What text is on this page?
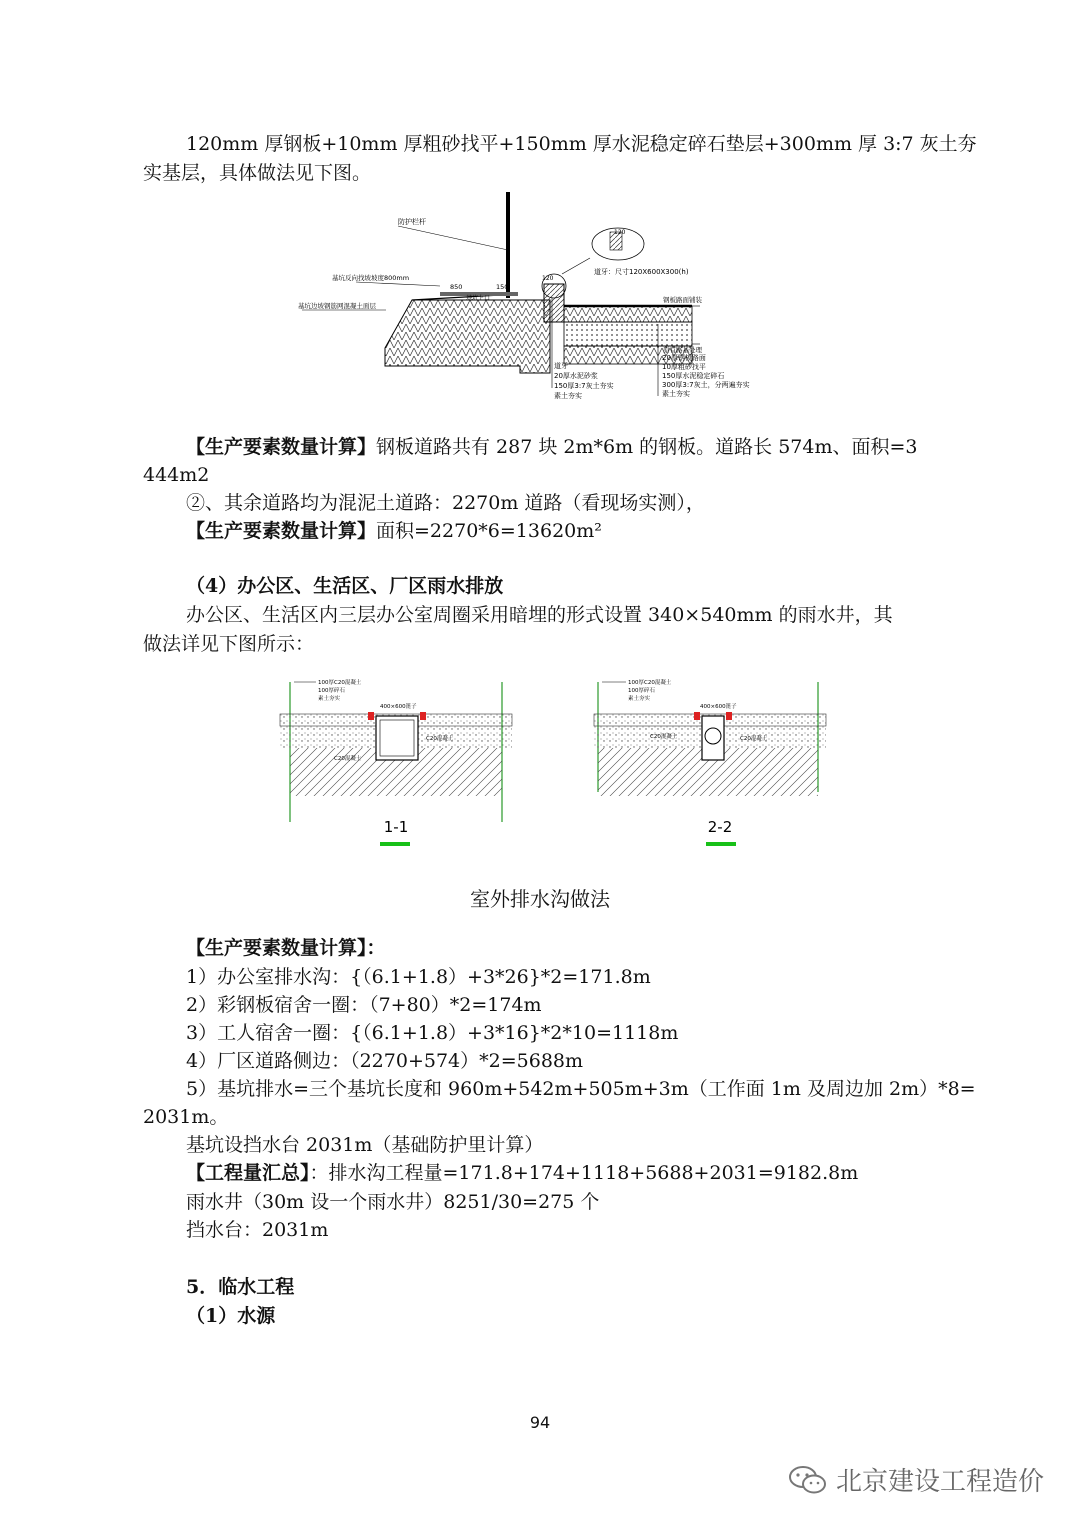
120mm 厚钢板+10mm 厚粗砂找平+150mm 厚水泥稳定碎石垫层+300mm 厚 3:7 灰土夯
实基层，具体做法见下图。
120
防护栏杆
基坑反向找坡坡度800mm
基坑边坡钢筋网混凝土面层
850	150
基坑上口
120
道牙：尺寸120X600X300(h)
钢板路面铺装
原有路基处理
道牙
20厚水泥砂浆
150厚3:7灰土夯实
素土夯实
20厚钢板路面
10厚粗砂找平
150厚水泥稳定碎石
300厚3:7灰土，分两遍夯实
素土夯实
【生产要素数量计算】钢板道路共有 287 块 2m*6m 的钢板。道路长 574m、面积=3
444m2
②、其余道路均为混泥土道路：2270m 道路（看现场实测），
【生产要素数量计算】面积=2270*6=13620m²
（4）办公区、生活区、厂区雨水排放
办公区、生活区内三层办公室周圈采用暗埋的形式设置 340×540mm 的雨水井，其
做法详见下图所示：
100厚C20混凝土
100厚碎石
素土夯实
400×600篦子
C20混凝土
C20混凝土
1-1
100厚C20混凝土
100厚碎石
素土夯实
400×600篦子
C20混凝土	C20混凝土
2-2
室外排水沟做法
【生产要素数量计算】：
1）办公室排水沟：{（6.1+1.8）+3*26}*2=171.8m
2）彩钢板宿舍一圈：（7+80）*2=174m
3）工人宿舍一圈：{（6.1+1.8）+3*16}*2*10=1118m
4）厂区道路侧边：（2270+574）*2=5688m
5）基坑排水=三个基坑长度和 960m+542m+505m+3m（工作面 1m 及周边加 2m）*8=
2031m。
基坑设挡水台 2031m（基础防护里计算）
【工程量汇总】：排水沟工程量=171.8+174+1118+5688+2031=9182.8m
雨水井（30m 设一个雨水井）8251/30=275 个
挡水台：2031m
5．临水工程
（1）水源
94
北京建设工程造价
